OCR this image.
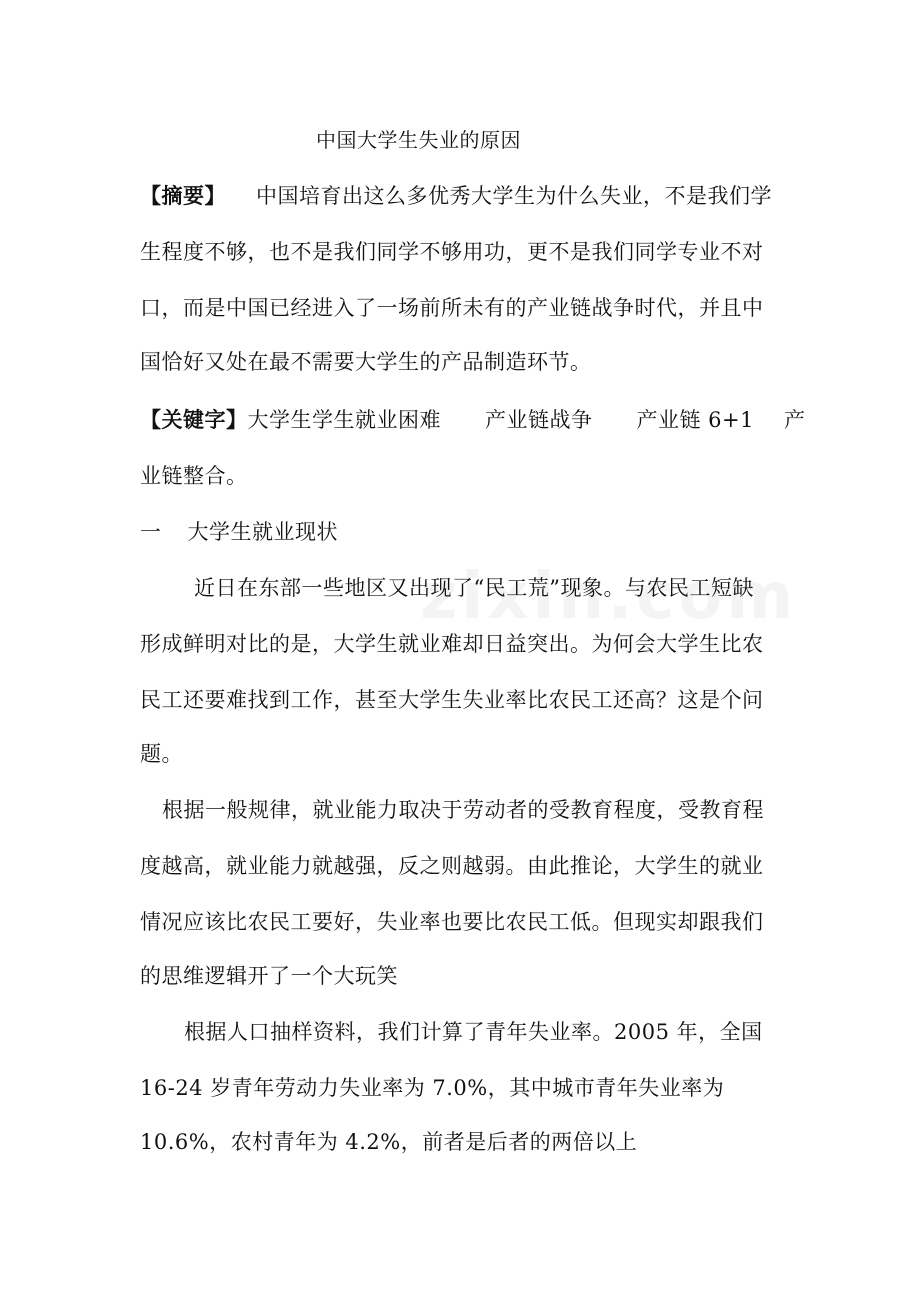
中国大学生失业的原因
【摘要】 中国培育出这么多优秀大学生为什么失业，不是我们学
生程度不够，也不是我们同学不够用功，更不是我们同学专业不对
口，而是中国已经进入了一场前所未有的产业链战争时代，并且中
国恰好又处在最不需要大学生的产品制造环节。
【关键字】大学生学生就业困难 产业链战争 产业链 6+1 产
业链整合。
一 大学生就业现状
近日在东部一些地区又出现了“民工荒”现象。与农民工短缺
形成鲜明对比的是，大学生就业难却日益突出。为何会大学生比农
民工还要难找到工作，甚至大学生失业率比农民工还高？这是个问
题。
根据一般规律，就业能力取决于劳动者的受教育程度，受教育程
度越高，就业能力就越强，反之则越弱。由此推论，大学生的就业
情况应该比农民工要好，失业率也要比农民工低。但现实却跟我们
的思维逻辑开了一个大玩笑
根据人口抽样资料，我们计算了青年失业率。2005 年，全国
16-24 岁青年劳动力失业率为 7.0%，其中城市青年失业率为
10.6%，农村青年为 4.2%，前者是后者的两倍以上
